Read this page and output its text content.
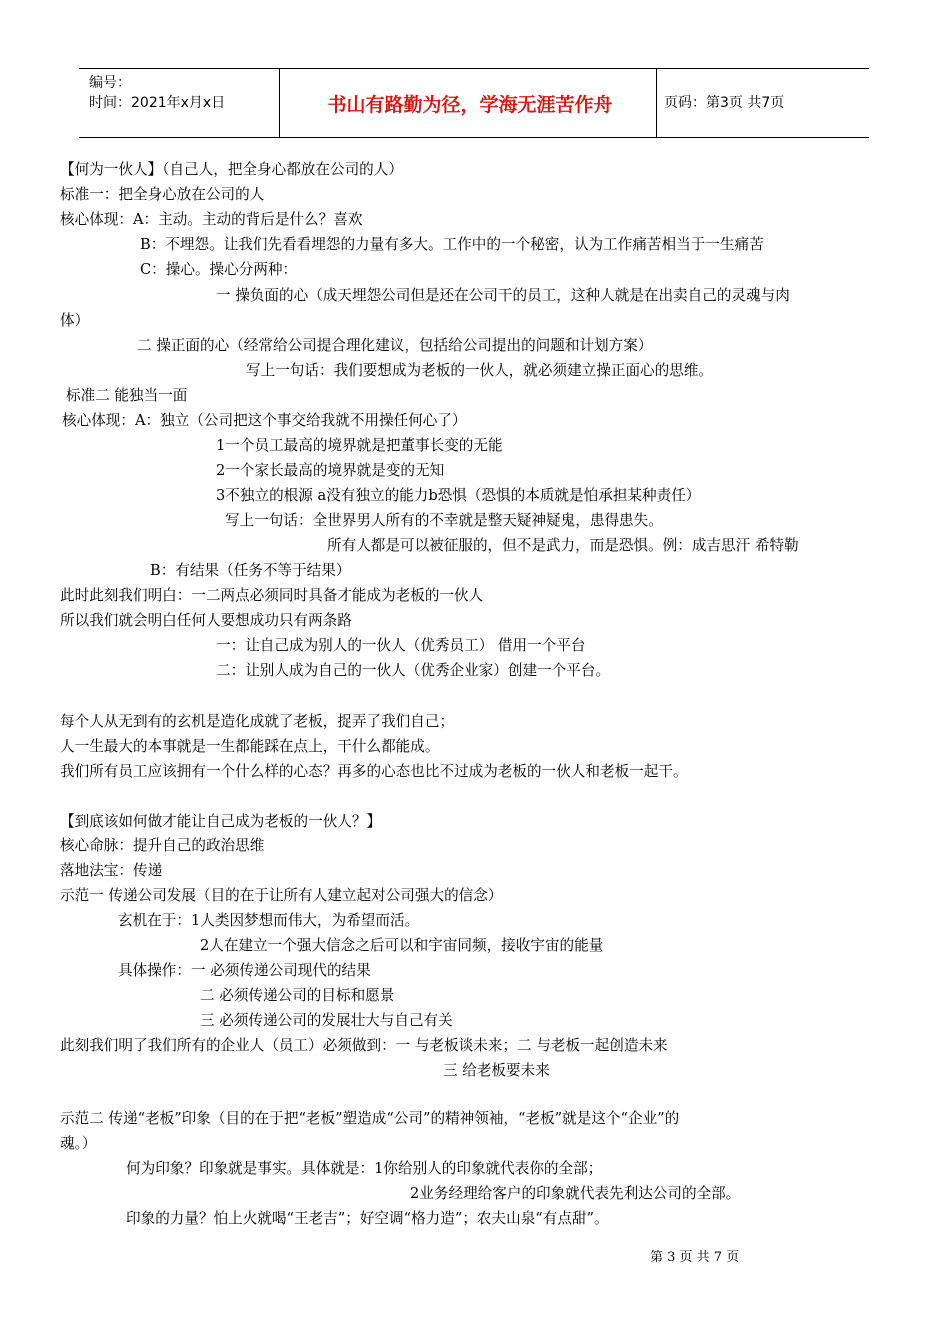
编号：
时间：2021年x月x日	书山有路勤为径，学海无涯苦作舟	页码：第3页 共7页
【何为一伙人】（自己人，把全身心都放在公司的人）
标准一：把全身心放在公司的人
核心体现：A：主动。主动的背后是什么？喜欢
B：不埋怨。让我们先看看埋怨的力量有多大。工作中的一个秘密，认为工作痛苦相当于一生痛苦
C：操心。操心分两种：
一 操负面的心（成天埋怨公司但是还在公司干的员工，这种人就是在出卖自己的灵魂与肉
体）
二 操正面的心（经常给公司提合理化建议，包括给公司提出的问题和计划方案）
写上一句话：我们要想成为老板的一伙人，就必须建立操正面心的思维。
标准二 能独当一面
核心体现：A：独立（公司把这个事交给我就不用操任何心了）
1一个员工最高的境界就是把董事长变的无能
2一个家长最高的境界就是变的无知
3不独立的根源 a没有独立的能力b恐惧（恐惧的本质就是怕承担某种责任）
写上一句话：全世界男人所有的不幸就是整天疑神疑鬼，患得患失。
所有人都是可以被征服的，但不是武力，而是恐惧。例：成吉思汗 希特勒
B：有结果（任务不等于结果）
此时此刻我们明白：一二两点必须同时具备才能成为老板的一伙人
所以我们就会明白任何人要想成功只有两条路
一：让自己成为别人的一伙人（优秀员工） 借用一个平台
二：让别人成为自己的一伙人（优秀企业家）创建一个平台。
每个人从无到有的玄机是造化成就了老板，捉弄了我们自己；
人一生最大的本事就是一生都能踩在点上，干什么都能成。
我们所有员工应该拥有一个什么样的心态？再多的心态也比不过成为老板的一伙人和老板一起干。
【到底该如何做才能让自己成为老板的一伙人？】
核心命脉：提升自己的政治思维
落地法宝：传递
示范一 传递公司发展（目的在于让所有人建立起对公司强大的信念）
玄机在于：1人类因梦想而伟大，为希望而活。
2人在建立一个强大信念之后可以和宇宙同频，接收宇宙的能量
具体操作：一 必须传递公司现代的结果
二 必须传递公司的目标和愿景
三 必须传递公司的发展壮大与自己有关
此刻我们明了我们所有的企业人（员工）必须做到：一 与老板谈未来；二 与老板一起创造未来
三 给老板要未来
示范二 传递“老板”印象（目的在于把“老板”塑造成“公司”的精神领袖，“老板”就是这个“企业”的
魂。）
何为印象？印象就是事实。具体就是：1你给别人的印象就代表你的全部；
2业务经理给客户的印象就代表先利达公司的全部。
印象的力量？怕上火就喝“王老吉”；好空调“格力造”；农夫山泉“有点甜”。
第 3 页 共 7 页
